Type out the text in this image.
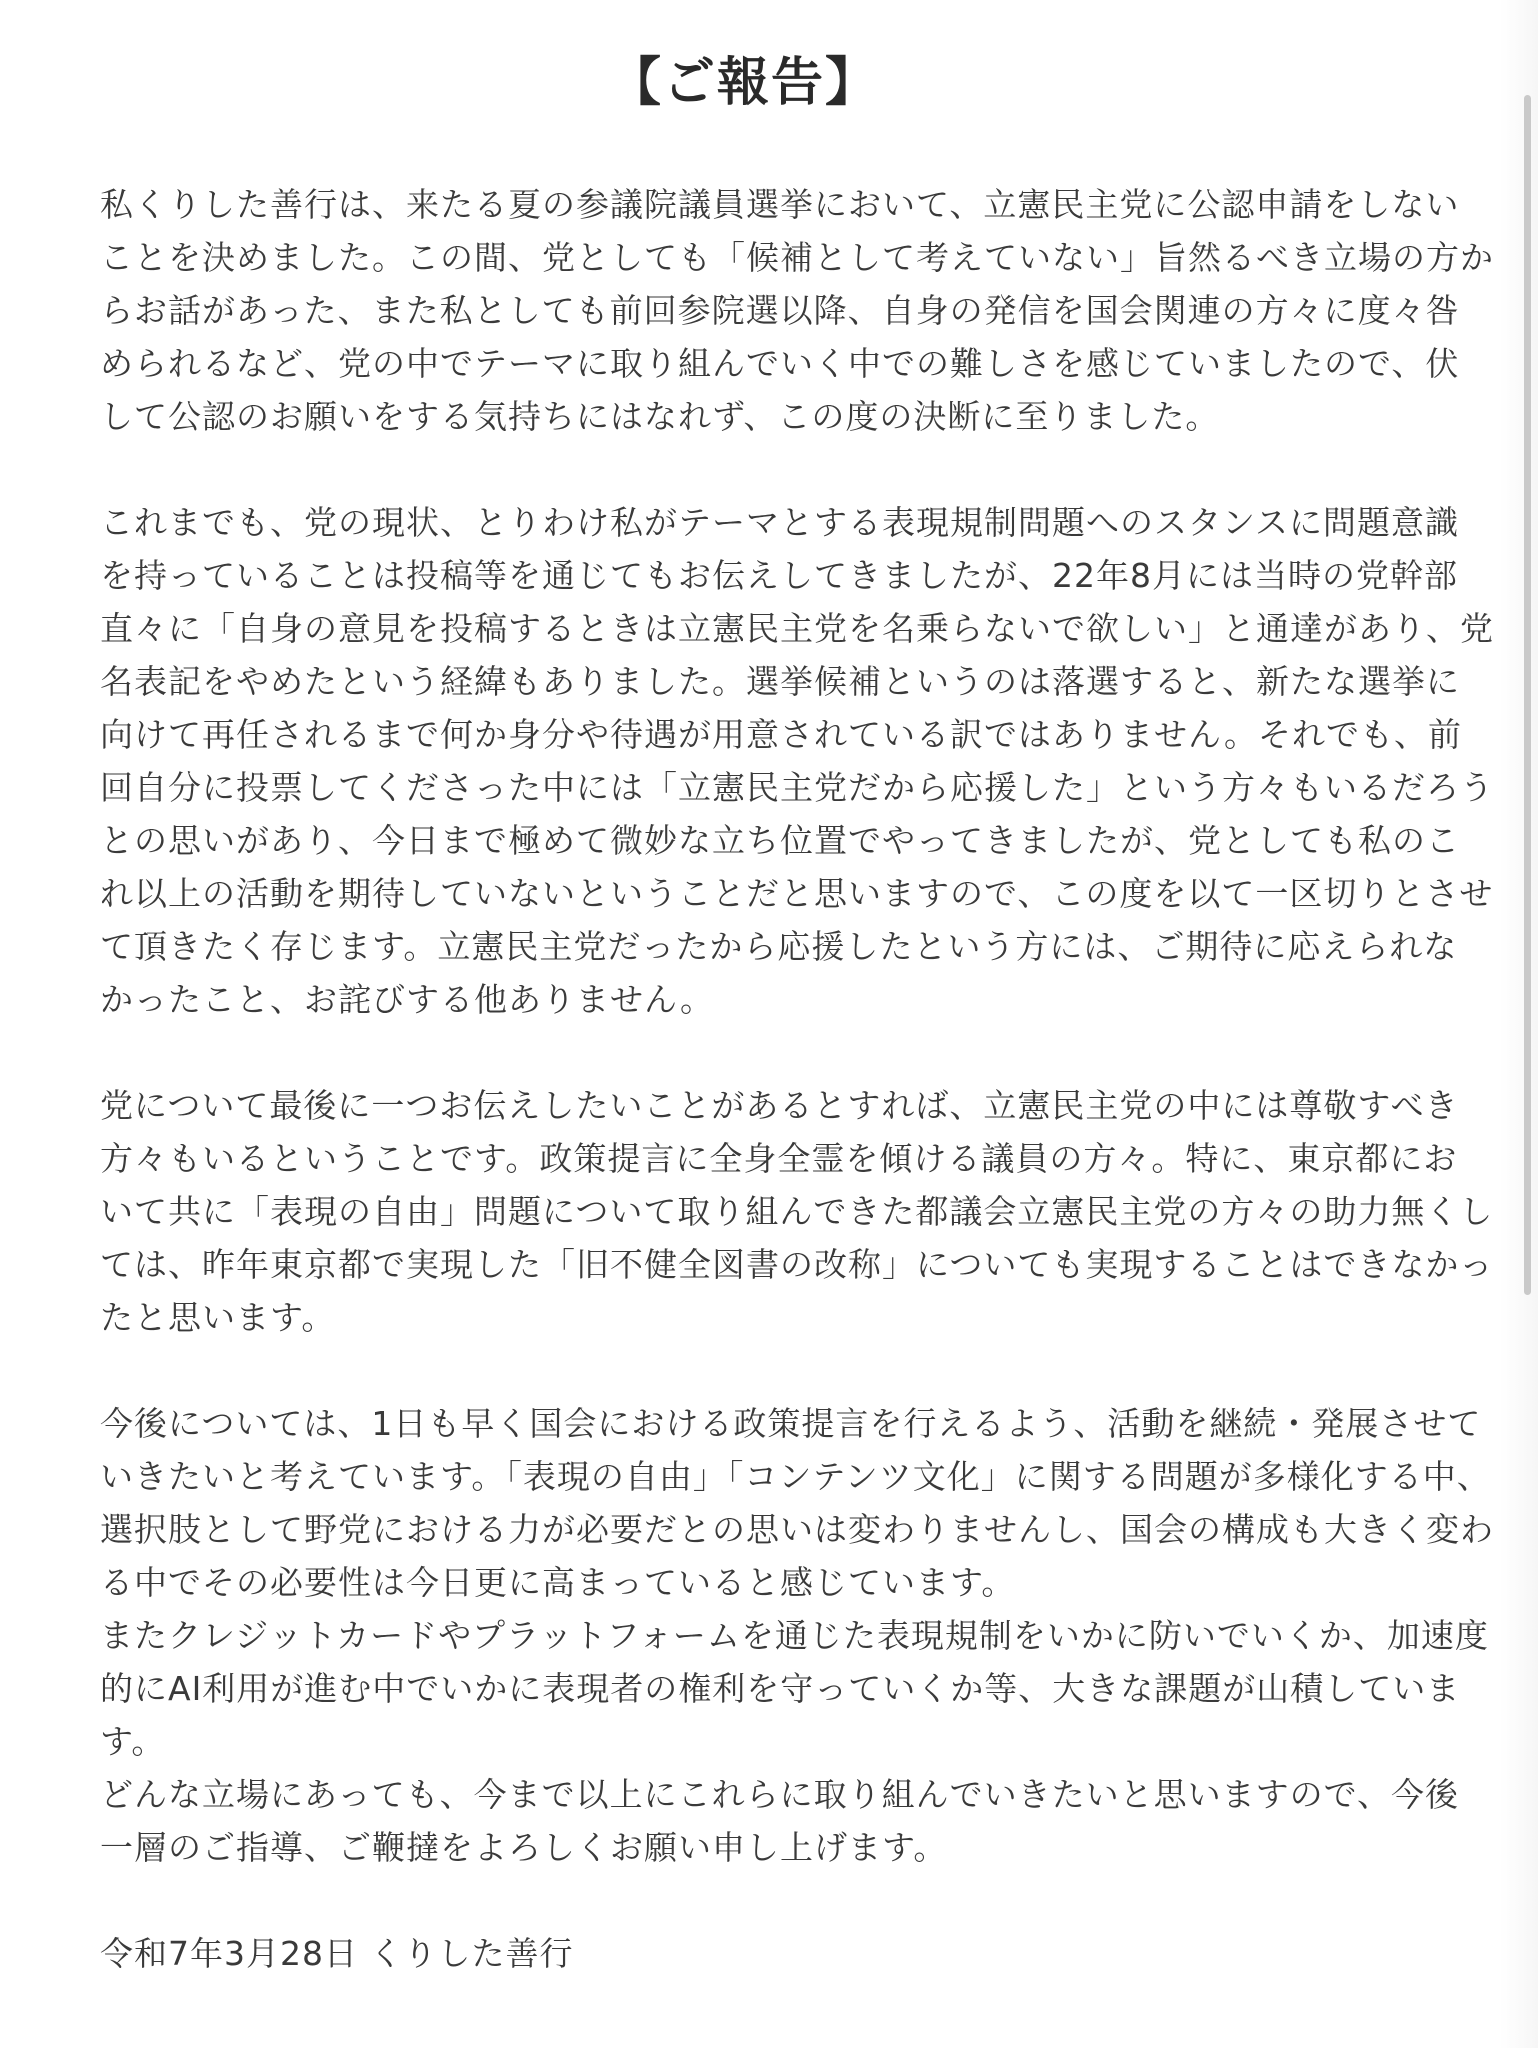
【ご報告】

私くりした善行は、来たる夏の参議院議員選挙において、立憲民主党に公認申請をしない
ことを決めました。この間、党としても「候補として考えていない」旨然るべき立場の方か
らお話があった、また私としても前回参院選以降、自身の発信を国会関連の方々に度々咎
められるなど、党の中でテーマに取り組んでいく中での難しさを感じていましたので、伏
して公認のお願いをする気持ちにはなれず、この度の決断に至りました。

これまでも、党の現状、とりわけ私がテーマとする表現規制問題へのスタンスに問題意識
を持っていることは投稿等を通じてもお伝えしてきましたが、22年8月には当時の党幹部
直々に「自身の意見を投稿するときは立憲民主党を名乗らないで欲しい」と通達があり、党
名表記をやめたという経緯もありました。選挙候補というのは落選すると、新たな選挙に
向けて再任されるまで何か身分や待遇が用意されている訳ではありません。それでも、前
回自分に投票してくださった中には「立憲民主党だから応援した」という方々もいるだろう
との思いがあり、今日まで極めて微妙な立ち位置でやってきましたが、党としても私のこ
れ以上の活動を期待していないということだと思いますので、この度を以て一区切りとさせ
て頂きたく存じます。立憲民主党だったから応援したという方には、ご期待に応えられな
かったこと、お詫びする他ありません。

党について最後に一つお伝えしたいことがあるとすれば、立憲民主党の中には尊敬すべき
方々もいるということです。政策提言に全身全霊を傾ける議員の方々。特に、東京都にお
いて共に「表現の自由」問題について取り組んできた都議会立憲民主党の方々の助力無くし
ては、昨年東京都で実現した「旧不健全図書の改称」についても実現することはできなかっ
たと思います。

今後については、1日も早く国会における政策提言を行えるよう、活動を継続・発展させて
いきたいと考えています。「表現の自由」「コンテンツ文化」に関する問題が多様化する中、
選択肢として野党における力が必要だとの思いは変わりませんし、国会の構成も大きく変わ
る中でその必要性は今日更に高まっていると感じています。
またクレジットカードやプラットフォームを通じた表現規制をいかに防いでいくか、加速度
的にAI利用が進む中でいかに表現者の権利を守っていくか等、大きな課題が山積していま
す。
どんな立場にあっても、今まで以上にこれらに取り組んでいきたいと思いますので、今後
一層のご指導、ご鞭撻をよろしくお願い申し上げます。

令和7年3月28日 くりした善行
